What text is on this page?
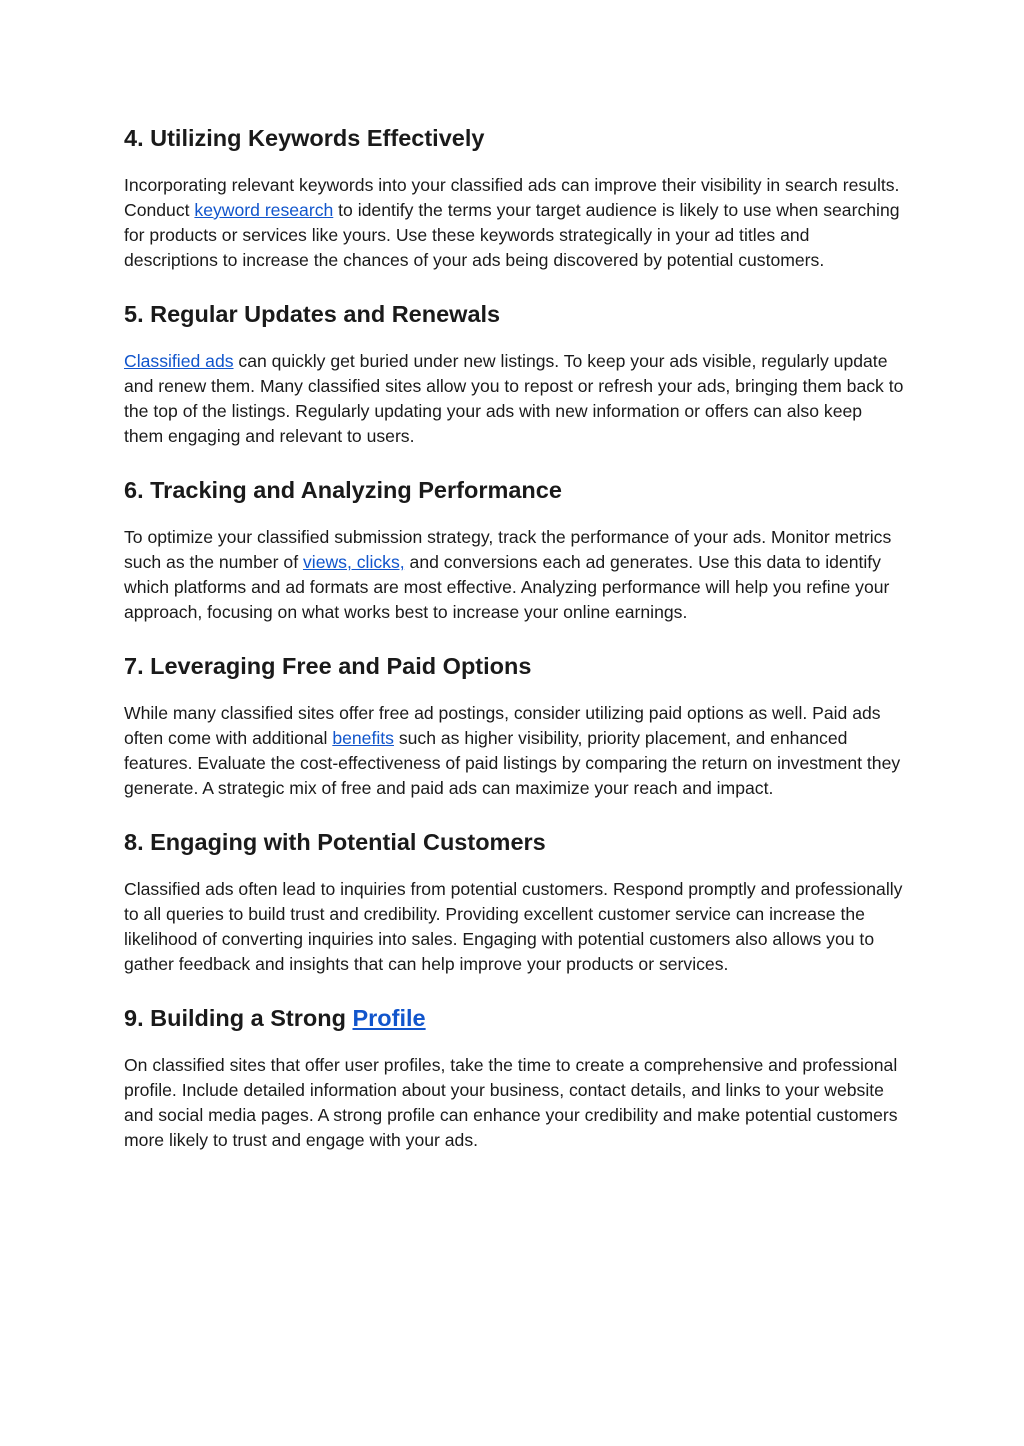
4. Utilizing Keywords Effectively

Incorporating relevant keywords into your classified ads can improve their visibility in search results. Conduct keyword research to identify the terms your target audience is likely to use when searching for products or services like yours. Use these keywords strategically in your ad titles and descriptions to increase the chances of your ads being discovered by potential customers.

5. Regular Updates and Renewals

Classified ads can quickly get buried under new listings. To keep your ads visible, regularly update and renew them. Many classified sites allow you to repost or refresh your ads, bringing them back to the top of the listings. Regularly updating your ads with new information or offers can also keep them engaging and relevant to users.

6. Tracking and Analyzing Performance

To optimize your classified submission strategy, track the performance of your ads. Monitor metrics such as the number of views, clicks, and conversions each ad generates. Use this data to identify which platforms and ad formats are most effective. Analyzing performance will help you refine your approach, focusing on what works best to increase your online earnings.

7. Leveraging Free and Paid Options

While many classified sites offer free ad postings, consider utilizing paid options as well. Paid ads often come with additional benefits such as higher visibility, priority placement, and enhanced features. Evaluate the cost-effectiveness of paid listings by comparing the return on investment they generate. A strategic mix of free and paid ads can maximize your reach and impact.

8. Engaging with Potential Customers

Classified ads often lead to inquiries from potential customers. Respond promptly and professionally to all queries to build trust and credibility. Providing excellent customer service can increase the likelihood of converting inquiries into sales. Engaging with potential customers also allows you to gather feedback and insights that can help improve your products or services.

9. Building a Strong Profile

On classified sites that offer user profiles, take the time to create a comprehensive and professional profile. Include detailed information about your business, contact details, and links to your website and social media pages. A strong profile can enhance your credibility and make potential customers more likely to trust and engage with your ads.
